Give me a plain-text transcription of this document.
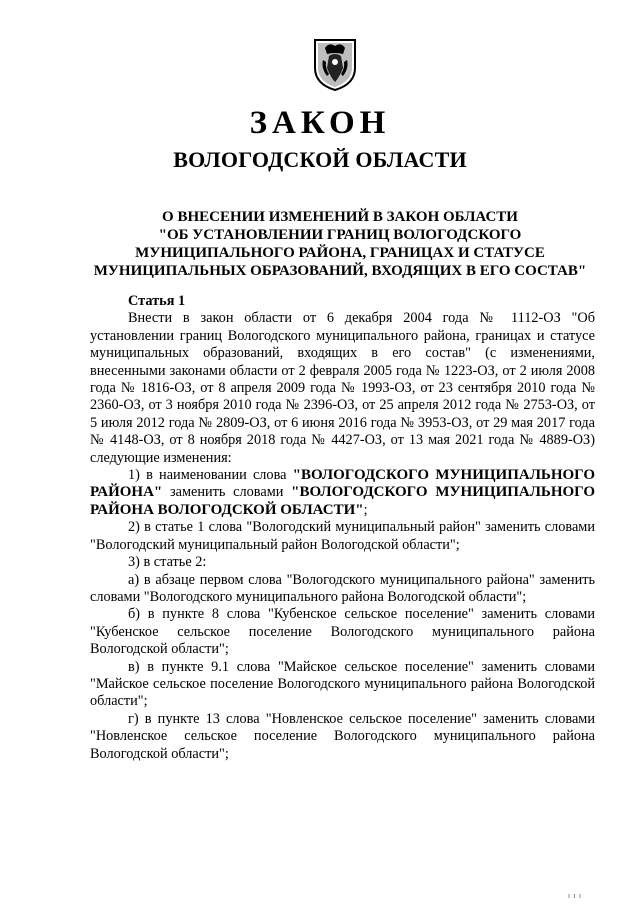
ЗАКОН
ВОЛОГОДСКОЙ ОБЛАСТИ
О ВНЕСЕНИИ ИЗМЕНЕНИЙ В ЗАКОН ОБЛАСТИ
"ОБ УСТАНОВЛЕНИИ ГРАНИЦ ВОЛОГОДСКОГО
МУНИЦИПАЛЬНОГО РАЙОНА, ГРАНИЦАХ И СТАТУСЕ
МУНИЦИПАЛЬНЫХ ОБРАЗОВАНИЙ, ВХОДЯЩИХ В ЕГО СОСТАВ"

Статья 1

Внести в закон области от 6 декабря 2004 года № 1112-ОЗ "Об установлении границ Вологодского муниципального района, границах и статусе муниципальных образований, входящих в его состав" (с изменениями, внесенными законами области от 2 февраля 2005 года № 1223-ОЗ, от 2 июля 2008 года № 1816-ОЗ, от 8 апреля 2009 года № 1993-ОЗ, от 23 сентября 2010 года № 2360-ОЗ, от 3 ноября 2010 года № 2396-ОЗ, от 25 апреля 2012 года № 2753-ОЗ, от 5 июля 2012 года № 2809-ОЗ, от 6 июня 2016 года № 3953-ОЗ, от 29 мая 2017 года № 4148-ОЗ, от 8 ноября 2018 года № 4427-ОЗ, от 13 мая 2021 года № 4889-ОЗ) следующие изменения:

1) в наименовании слова "ВОЛОГОДСКОГО МУНИЦИПАЛЬНОГО РАЙОНА" заменить словами "ВОЛОГОДСКОГО МУНИЦИПАЛЬНОГО РАЙОНА ВОЛОГОДСКОЙ ОБЛАСТИ";

2) в статье 1 слова "Вологодский муниципальный район" заменить словами "Вологодский муниципальный район Вологодской области";

3) в статье 2:

а) в абзаце первом слова "Вологодского муниципального района" заменить словами "Вологодского муниципального района Вологодской области";

б) в пункте 8 слова "Кубенское сельское поселение" заменить словами "Кубенское сельское поселение Вологодского муниципального района Вологодской области";

в) в пункте 9.1 слова "Майское сельское поселение" заменить словами "Майское сельское поселение Вологодского муниципального района Вологодской области";

г) в пункте 13 слова "Новленское сельское поселение" заменить словами "Новленское сельское поселение Вологодского муниципального района Вологодской области";

I I I
